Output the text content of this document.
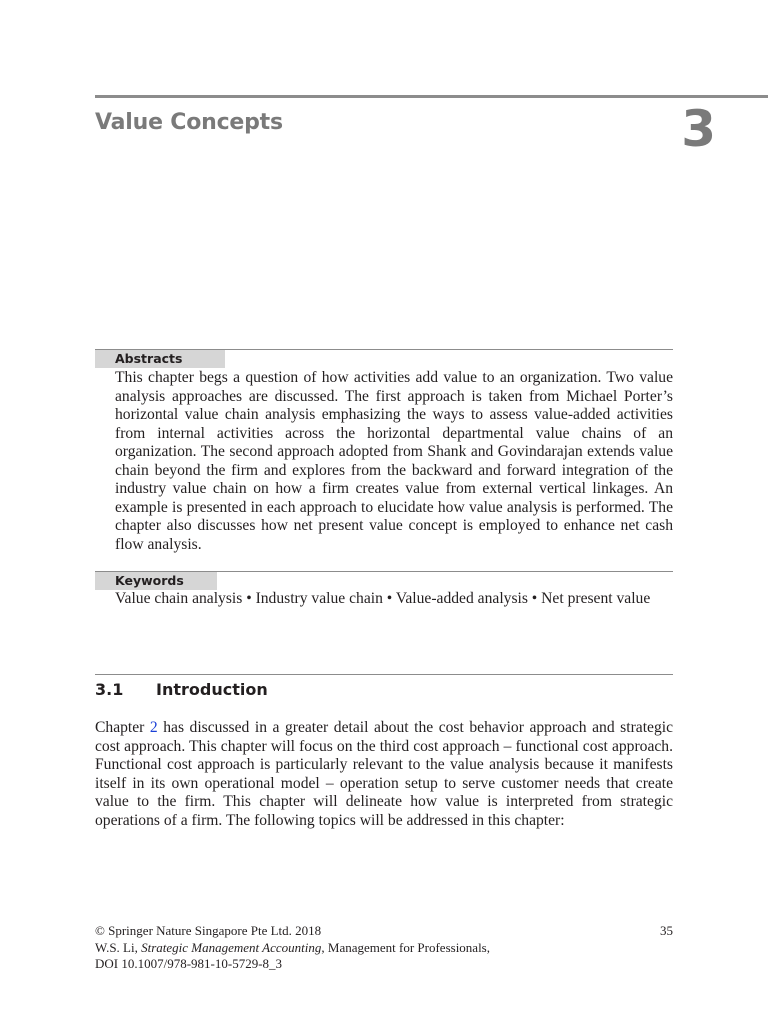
Value Concepts	3
Abstracts
This chapter begs a question of how activities add value to an organization. Two value analysis approaches are discussed. The first approach is taken from Michael Porter’s horizontal value chain analysis emphasizing the ways to assess value-added activities from internal activities across the horizontal departmental value chains of an organization. The second approach adopted from Shank and Govindarajan extends value chain beyond the firm and explores from the backward and forward integration of the industry value chain on how a firm creates value from external vertical linkages. An example is presented in each approach to elucidate how value analysis is performed. The chapter also discusses how net present value concept is employed to enhance net cash flow analysis.
Keywords
Value chain analysis • Industry value chain • Value-added analysis • Net present value
3.1 Introduction
Chapter 2 has discussed in a greater detail about the cost behavior approach and strategic cost approach. This chapter will focus on the third cost approach – functional cost approach. Functional cost approach is particularly relevant to the value analysis because it manifests itself in its own operational model – operation setup to serve customer needs that create value to the firm. This chapter will delineate how value is interpreted from strategic operations of a firm. The following topics will be addressed in this chapter:
© Springer Nature Singapore Pte Ltd. 2018
W.S. Li, Strategic Management Accounting, Management for Professionals,
DOI 10.1007/978-981-10-5729-8_3
35
